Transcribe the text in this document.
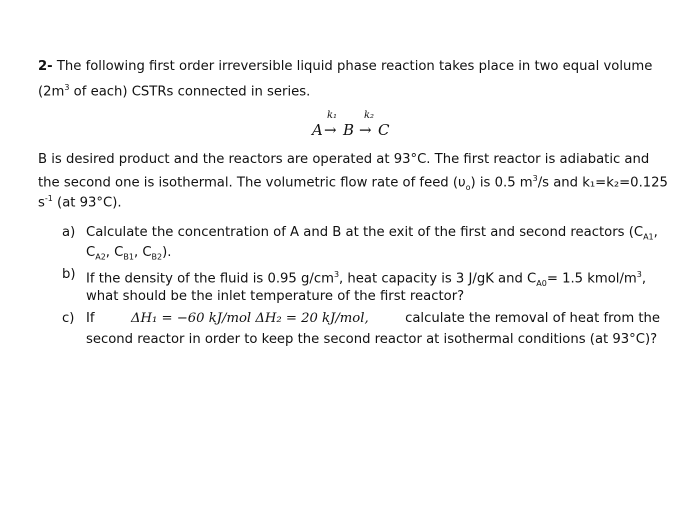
2- The following first order irreversible liquid phase reaction takes place in two equal volume
($2m^3$ of each) CSTRs connected in series.
k₁	k₂
A → B → C
B is desired product and the reactors are operated at 93°C. The first reactor is adiabatic and
the second one is isothermal. The volumetric flow rate of feed $(\upsilon_o)$ is 0.5 $m^3/s$ and k₁=k₂=0.125
$s^{-1}$ (at 93°C).
a) Calculate the concentration of A and B at the exit of the first and second reactors ($C_{A1}$,
$C_{A2}$, $C_{B1}$, $C_{B2}$).
b) If the density of the fluid is 0.95 $g/cm^3$, heat capacity is 3 J/gK and $C_{A0}= 1.5$ kmol/$m^3$,
what should be the inlet temperature of the first reactor?
c) If	ΔH₁ = −60 kJ/mol ΔH₂ = 20 kJ/mol,	calculate the removal of heat from the
second reactor in order to keep the second reactor at isothermal conditions (at 93°C)?
